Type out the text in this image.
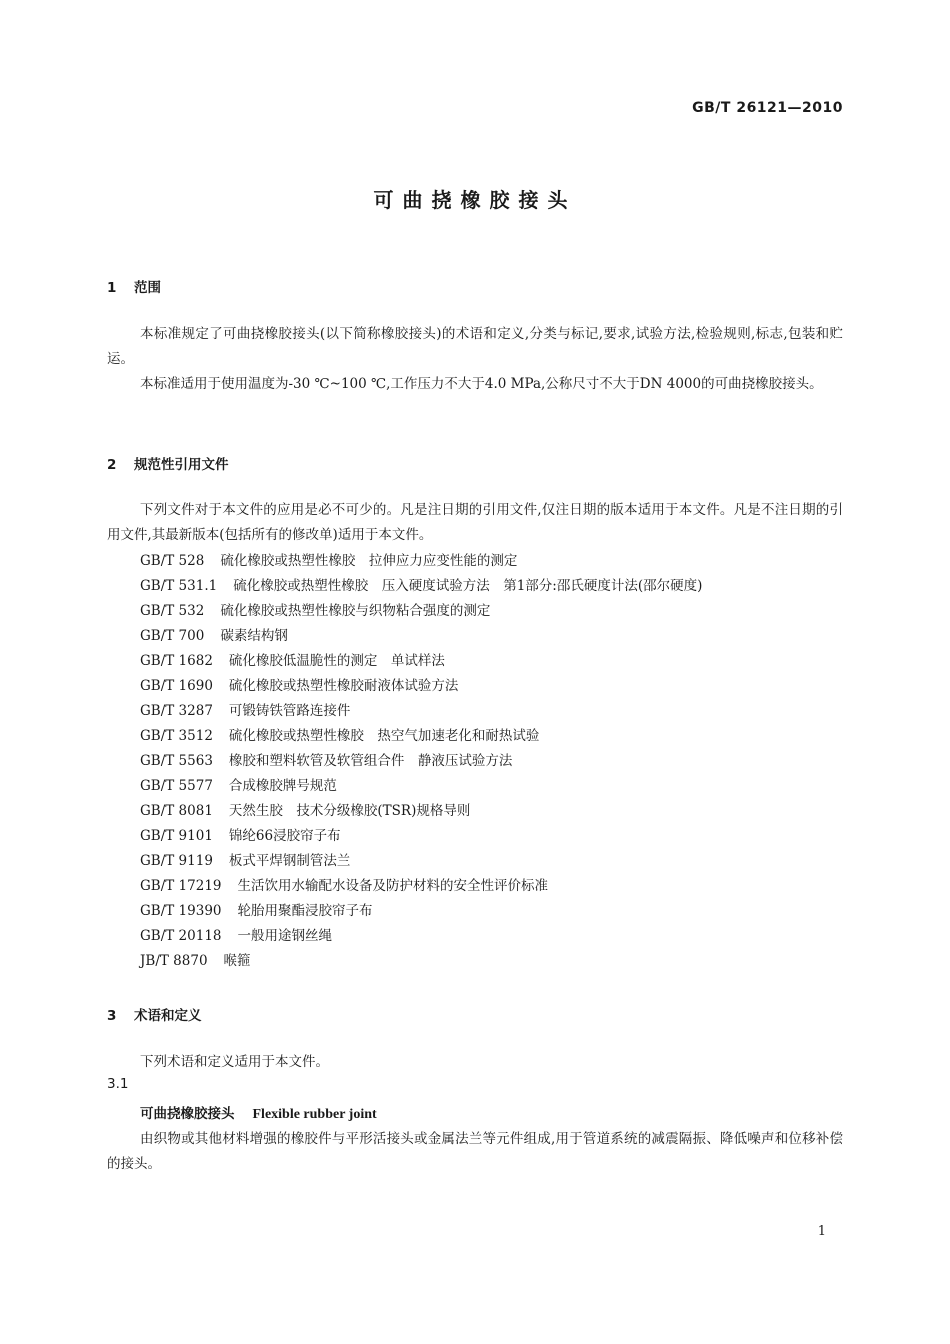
GB/T 26121—2010
可曲挠橡胶接头
1 范围
本标准规定了可曲挠橡胶接头(以下简称橡胶接头)的术语和定义,分类与标记,要求,试验方法,检验规则,标志,包装和贮运。
本标准适用于使用温度为-30 ℃~100 ℃,工作压力不大于4.0 MPa,公称尺寸不大于DN 4000的可曲挠橡胶接头。
2 规范性引用文件
下列文件对于本文件的应用是必不可少的。凡是注日期的引用文件,仅注日期的版本适用于本文件。凡是不注日期的引用文件,其最新版本(包括所有的修改单)适用于本文件。
GB/T 528 硫化橡胶或热塑性橡胶　拉伸应力应变性能的测定
GB/T 531.1 硫化橡胶或热塑性橡胶　压入硬度试验方法　第1部分:邵氏硬度计法(邵尔硬度)
GB/T 532 硫化橡胶或热塑性橡胶与织物粘合强度的测定
GB/T 700 碳素结构钢
GB/T 1682 硫化橡胶低温脆性的测定　单试样法
GB/T 1690 硫化橡胶或热塑性橡胶耐液体试验方法
GB/T 3287 可锻铸铁管路连接件
GB/T 3512 硫化橡胶或热塑性橡胶　热空气加速老化和耐热试验
GB/T 5563 橡胶和塑料软管及软管组合件　静液压试验方法
GB/T 5577 合成橡胶牌号规范
GB/T 8081 天然生胶　技术分级橡胶(TSR)规格导则
GB/T 9101 锦纶66浸胶帘子布
GB/T 9119 板式平焊钢制管法兰
GB/T 17219 生活饮用水输配水设备及防护材料的安全性评价标准
GB/T 19390 轮胎用聚酯浸胶帘子布
GB/T 20118 一般用途钢丝绳
JB/T 8870 喉箍
3 术语和定义
下列术语和定义适用于本文件。
3.1
可曲挠橡胶接头 Flexible rubber joint
由织物或其他材料增强的橡胶件与平形活接头或金属法兰等元件组成,用于管道系统的减震隔振、降低噪声和位移补偿的接头。
1
